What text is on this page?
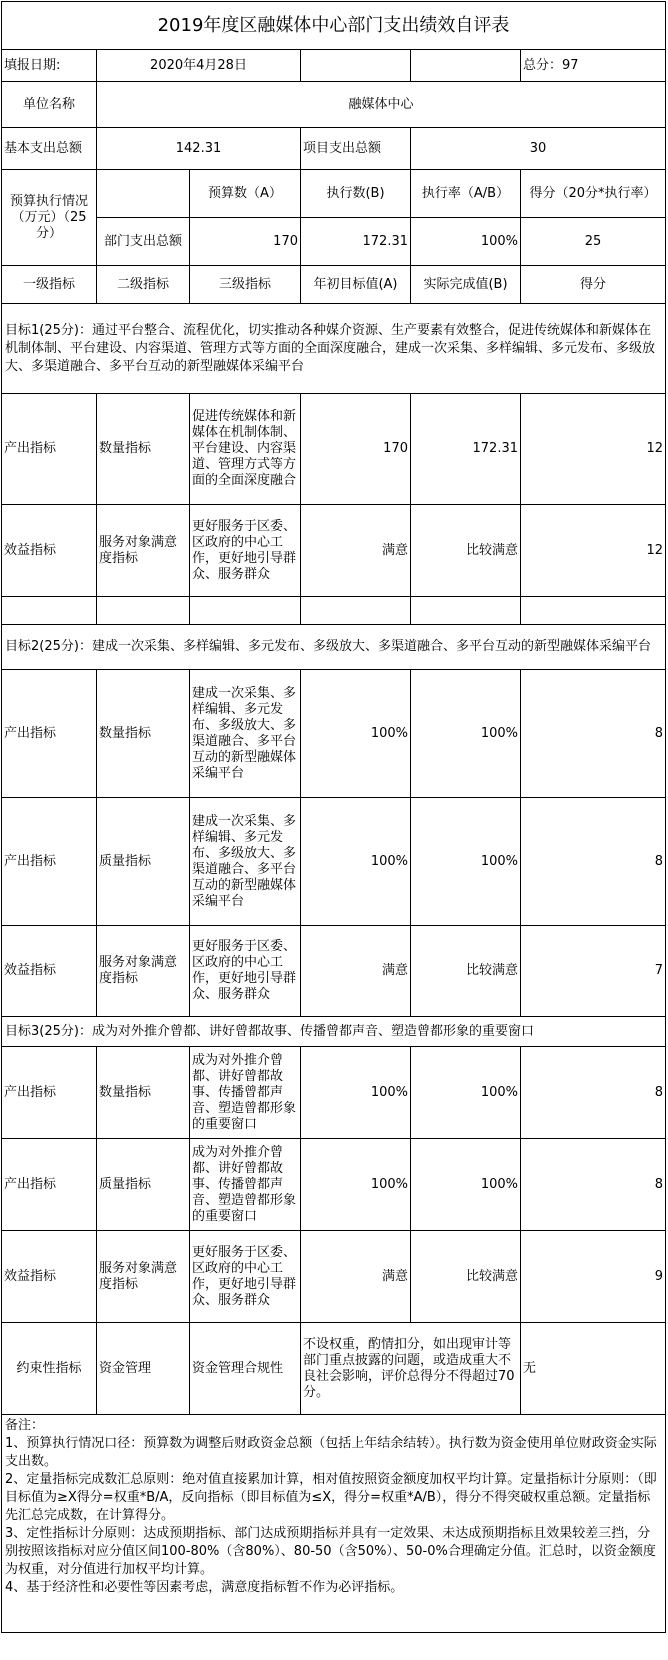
2019年度区融媒体中心部门支出绩效自评表					
填报日期:	2020年4月28日				总分：97
单位名称	融媒体中心				
基本支出总额	142.31		项目支出总额	30	
预算执行情况（万元）（25分）		预算数（A）	执行数(B)	执行率（A/B）	得分（20分*执行率）
	部门支出总额	170	172.31	100%	25
一级指标	二级指标	三级指标	年初目标值(A)	实际完成值(B)	得分
目标1(25分)：通过平台整合、流程优化，切实推动各种媒介资源、生产要素有效整合，促进传统媒体和新媒体在机制体制、平台建设、内容渠道、管理方式等方面的全面深度融合，建成一次采集、多样编辑、多元发布、多级放大、多渠道融合、多平台互动的新型融媒体采编平台					
产出指标	数量指标	促进传统媒体和新媒体在机制体制、平台建设、内容渠道、管理方式等方面的全面深度融合	170	172.31	12
效益指标	服务对象满意度指标	更好服务于区委、区政府的中心工作，更好地引导群众、服务群众	满意	比较满意	12

目标2(25分)：建成一次采集、多样编辑、多元发布、多级放大、多渠道融合、多平台互动的新型融媒体采编平台					
产出指标	数量指标	建成一次采集、多样编辑、多元发布、多级放大、多渠道融合、多平台互动的新型融媒体采编平台	100%	100%	8
产出指标	质量指标	建成一次采集、多样编辑、多元发布、多级放大、多渠道融合、多平台互动的新型融媒体采编平台	100%	100%	8
效益指标	服务对象满意度指标	更好服务于区委、区政府的中心工作，更好地引导群众、服务群众	满意	比较满意	7
目标3(25分)：成为对外推介曾都、讲好曾都故事、传播曾都声音、塑造曾都形象的重要窗口					
产出指标	数量指标	成为对外推介曾都、讲好曾都故事、传播曾都声音、塑造曾都形象的重要窗口	100%	100%	8
产出指标	质量指标	成为对外推介曾都、讲好曾都故事、传播曾都声音、塑造曾都形象的重要窗口	100%	100%	8
效益指标	服务对象满意度指标	更好服务于区委、区政府的中心工作，更好地引导群众、服务群众	满意	比较满意	9
约束性指标	资金管理	资金管理合规性	不设权重，酌情扣分，如出现审计等部门重点披露的问题，或造成重大不良社会影响，评价总得分不得超过70分。		无

备注：
1、预算执行情况口径：预算数为调整后财政资金总额（包括上年结余结转）。执行数为资金使用单位财政资金实际支出数。
2、定量指标完成数汇总原则：绝对值直接累加计算，相对值按照资金额度加权平均计算。定量指标计分原则：（即目标值为≥X得分=权重*B/A，反向指标（即目标值为≤X，得分=权重*A/B），得分不得突破权重总额。定量指标先汇总完成数，在计算得分。
3、定性指标计分原则：达成预期指标、部门达成预期指标并具有一定效果、未达成预期指标且效果较差三挡，分别按照该指标对应分值区间100-80%（含80%）、80-50（含50%）、50-0%合理确定分值。汇总时，以资金额度为权重，对分值进行加权平均计算。
4、基于经济性和必要性等因素考虑，满意度指标暂不作为必评指标。					
